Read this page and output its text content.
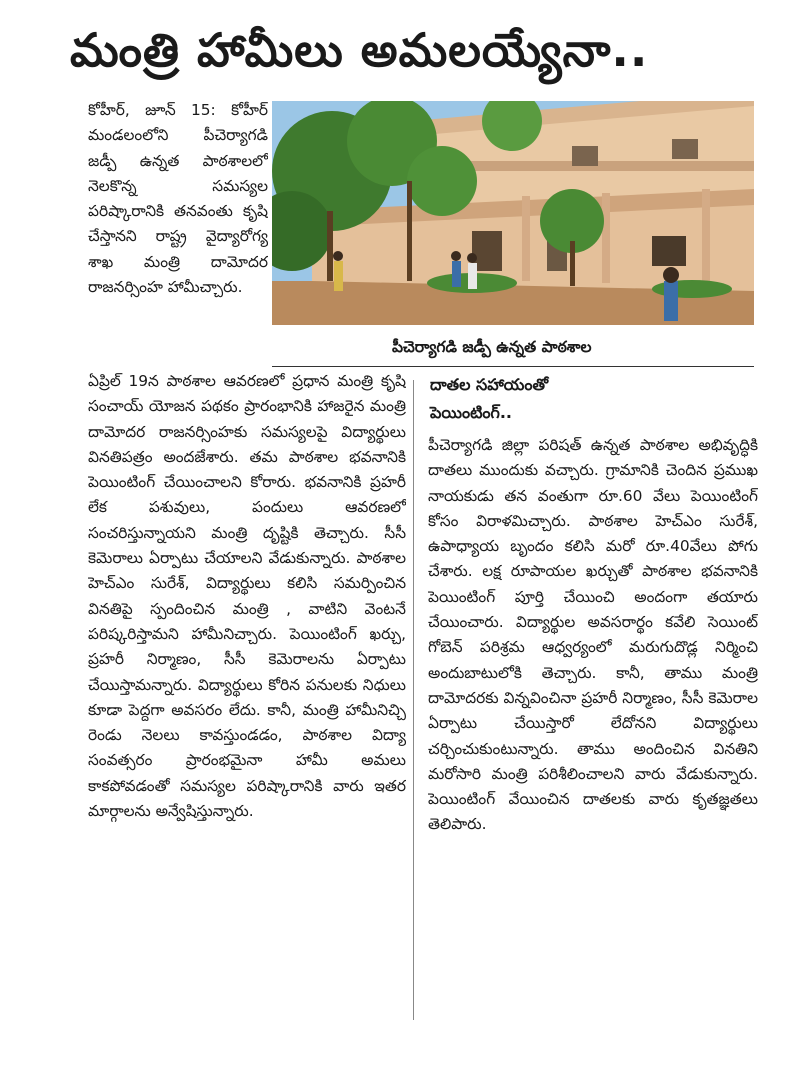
మంత్రి హామీలు అమలయ్యేనా..

కోహీర్, జూన్ 15: కోహీర్ మండలంలోని పీచెర్యాగడి జడ్పీ ఉన్నత పాఠశాలలో నెలకొన్న సమస్యల పరిష్కారానికి తనవంతు కృషి చేస్తానని రాష్ట్ర వైద్యారోగ్య శాఖ మంత్రి దామోదర రాజనర్సింహ హామీచ్చారు.

పీచెర్యాగడి జడ్పీ ఉన్నత పాఠశాల

ఏప్రిల్ 19న పాఠశాల ఆవరణలో ప్రధాన మంత్రి కృషి సంచాయ్ యోజన పథకం ప్రారంభానికి హాజరైన మంత్రి దామోదర రాజనర్సింహకు సమస్యలపై విద్యార్థులు వినతిపత్రం అందజేశారు. తమ పాఠశాల భవనానికి పెయింటింగ్ చేయించాలని కోరారు. భవనానికి ప్రహరీ లేక పశువులు, పందులు ఆవరణలో సంచరిస్తున్నాయని మంత్రి దృష్టికి తెచ్చారు. సీసీ కెమెరాలు ఏర్పాటు చేయాలని వేడుకున్నారు. పాఠశాల హెచ్ఎం సురేశ్, విద్యార్థులు కలిసి సమర్పించిన వినతిపై స్పందించిన మంత్రి , వాటిని వెంటనే పరిష్కరిస్తామని హామీనిచ్చారు. పెయింటింగ్ ఖర్చు, ప్రహరీ నిర్మాణం, సీసీ కెమెరాలను ఏర్పాటు చేయిస్తామన్నారు. విద్యార్థులు కోరిన పనులకు నిధులు కూడా పెద్దగా అవసరం లేదు. కానీ, మంత్రి హామీనిచ్చి రెండు నెలలు కావస్తుండడం, పాఠశాల విద్యా సంవత్సరం ప్రారంభమైనా హామీ అమలు కాకపోవడంతో సమస్యల పరిష్కారానికి వారు ఇతర మార్గాలను అన్వేషిస్తున్నారు.

దాతల సహాయంతో
పెయింటింగ్..

పీచెర్యాగడి జిల్లా పరిషత్ ఉన్నత పాఠశాల అభివృద్ధికి దాతలు ముందుకు వచ్చారు. గ్రామానికి చెందిన ప్రముఖ నాయకుడు తన వంతుగా రూ.60 వేలు పెయింటింగ్ కోసం విరాళమిచ్చారు. పాఠశాల హెచ్ఎం సురేశ్, ఉపాధ్యాయ బృందం కలిసి మరో రూ.40వేలు పోగు చేశారు. లక్ష రూపాయల ఖర్చుతో పాఠశాల భవనానికి పెయింటింగ్ పూర్తి చేయించి అందంగా తయారు చేయించారు. విద్యార్థుల అవసరార్థం కవేలి సెయింట్ గోబెన్ పరిశ్రమ ఆధ్వర్యంలో మరుగుదొడ్ల నిర్మించి అందుబాటులోకి తెచ్చారు. కానీ, తాము మంత్రి దామోదరకు విన్నవించినా ప్రహరీ నిర్మాణం, సీసీ కెమెరాల ఏర్పాటు చేయిస్తారో లేదోనని విద్యార్థులు చర్చించుకుంటున్నారు. తాము అందించిన వినతిని మరోసారి మంత్రి పరిశీలించాలని వారు వేడుకున్నారు. పెయింటింగ్ వేయించిన దాతలకు వారు కృతజ్ఞతలు తెలిపారు.
